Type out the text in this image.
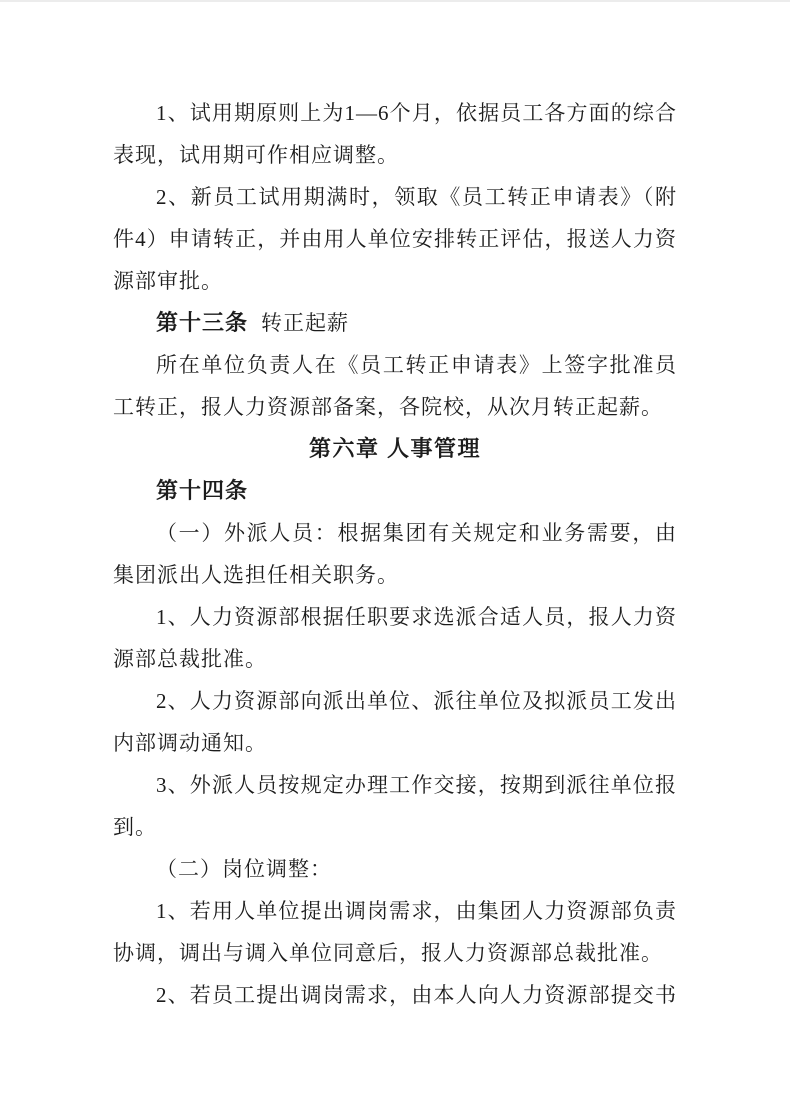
1、试用期原则上为1—6个月，依据员工各方面的综合
表现，试用期可作相应调整。
2、新员工试用期满时，领取《员工转正申请表》（附
件4）申请转正，并由用人单位安排转正评估，报送人力资
源部审批。
第十三条 转正起薪
所在单位负责人在《员工转正申请表》上签字批准员
工转正，报人力资源部备案，各院校，从次月转正起薪。
第六章 人事管理
第十四条
（一）外派人员：根据集团有关规定和业务需要，由
集团派出人选担任相关职务。
1、人力资源部根据任职要求选派合适人员，报人力资
源部总裁批准。
2、人力资源部向派出单位、派往单位及拟派员工发出
内部调动通知。
3、外派人员按规定办理工作交接，按期到派往单位报
到。
（二）岗位调整：
1、若用人单位提出调岗需求，由集团人力资源部负责
协调，调出与调入单位同意后，报人力资源部总裁批准。
2、若员工提出调岗需求，由本人向人力资源部提交书
